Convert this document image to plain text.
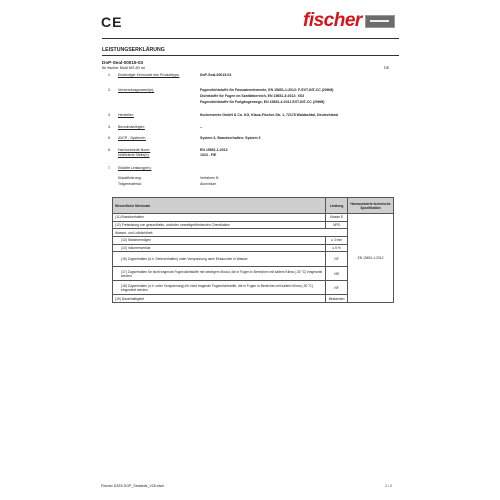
CE	fischer
LEISTUNGSERKLÄRUNG
DoP-Seal-00015-03
für fischer Multi MS 80 ml	DE
1. Eindeutiger Kenncode des Produkttyps:	DoP-Seal-00015-03
2. Verwendungszweck(e):	Fugendichtstoffe für Fassadenelemente, EN 15651-1:2012: F-EXT-INT-CC (20HM)
Dichtstoffe für Fugen im Sanitärbereich, EN 15651-3:2012: XS3
Fugendichtstoffe für Fußgängerwege, EN 15651-4:2012 EXT-INT-CC (20HM)
3. Hersteller:	fischerwerke GmbH & Co. KG, Klaus-Fischer-Str. 1, 72178 Waldachtal, Deutschland
4. Bevollmächtigter:	--
5. AVCP - System/e:	System 3, Brandverhalten: System 3
6. Harmonisierte Norm:	EN 15651-1:2012
Notifizierte Stelle(n):	1023 - FIE
7. Erklärte Leistung(en):
Klassifizierung:	Verfahren B
Trägermaterial:	Aluminium
Wesentliche Merkmale	Leistung	Harmonisierte technische Spezifikation
(11) Brandverhalten	Klasse E	EN 15651-1:2012
(12) Freisetzung von gesundheits- und/oder umweltgefährdenden Chemikalien	NPD	
Wasser- und Luftdichtheit:		
(13) Standvermögen	≤ 3 mm	
(14) Volumenverlust	≤ 5 %	
(15) Zugverhalten (d.h. Dehnverhalten) unter Vorspannung nach Eintauchen in Wasser	NF	
(17) Zugverhalten für nicht tragende Fugendichtstoffe mit niedrigem Modul, die in Fugen in Bereichen mit kaltem Klima (-30 °C) eingesetzt werden	NR	
(18) Zugverhalten (d.h. unter Vorspannung) für nicht tragende Fugendichtstoffe, die in Fugen in Bereichen mit kaltem Klima (-30 °C) eingesetzt werden	NF	
(19) Dauerhaftigkeit	Bestanden	
Fischer DATA DOP_Sealants_V25.xlsm	1 / 2
